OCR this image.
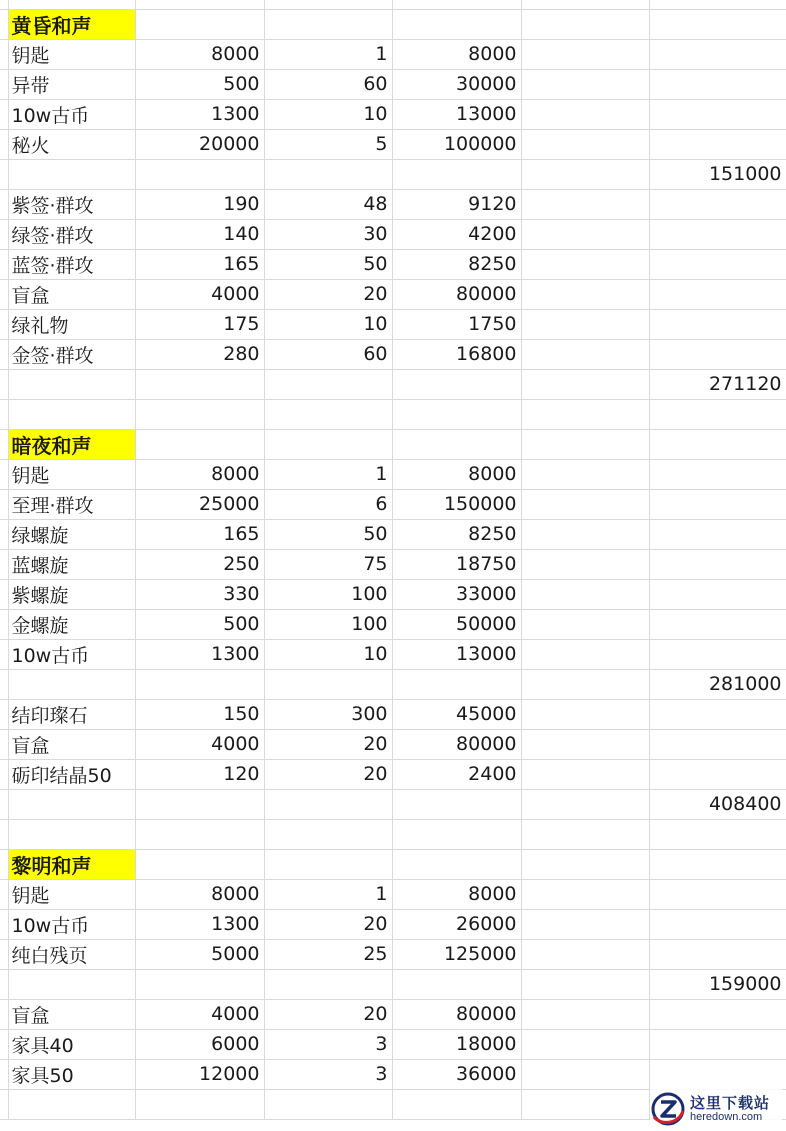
	黄昏和声					
	钥匙	8000	1	8000		
	异带	500	60	30000		
	10w古币	1300	10	13000		
	秘火	20000	5	100000		
						151000
	紫签·群攻	190	48	9120		
	绿签·群攻	140	30	4200		
	蓝签·群攻	165	50	8250		
	盲盒	4000	20	80000		
	绿礼物	175	10	1750		
	金签·群攻	280	60	16800		
						271120

	暗夜和声					
	钥匙	8000	1	8000		
	至理·群攻	25000	6	150000		
	绿螺旋	165	50	8250		
	蓝螺旋	250	75	18750		
	紫螺旋	330	100	33000		
	金螺旋	500	100	50000		
	10w古币	1300	10	13000		
						281000
	结印璨石	150	300	45000		
	盲盒	4000	20	80000		
	砺印结晶50	120	20	2400		
						408400

	黎明和声					
	钥匙	8000	1	8000		
	10w古币	1300	20	26000		
	纯白残页	5000	25	125000		
						159000
	盲盒	4000	20	80000		
	家具40	6000	3	18000		
	家具50	12000	3	36000		

这里下载站
heredown.com
